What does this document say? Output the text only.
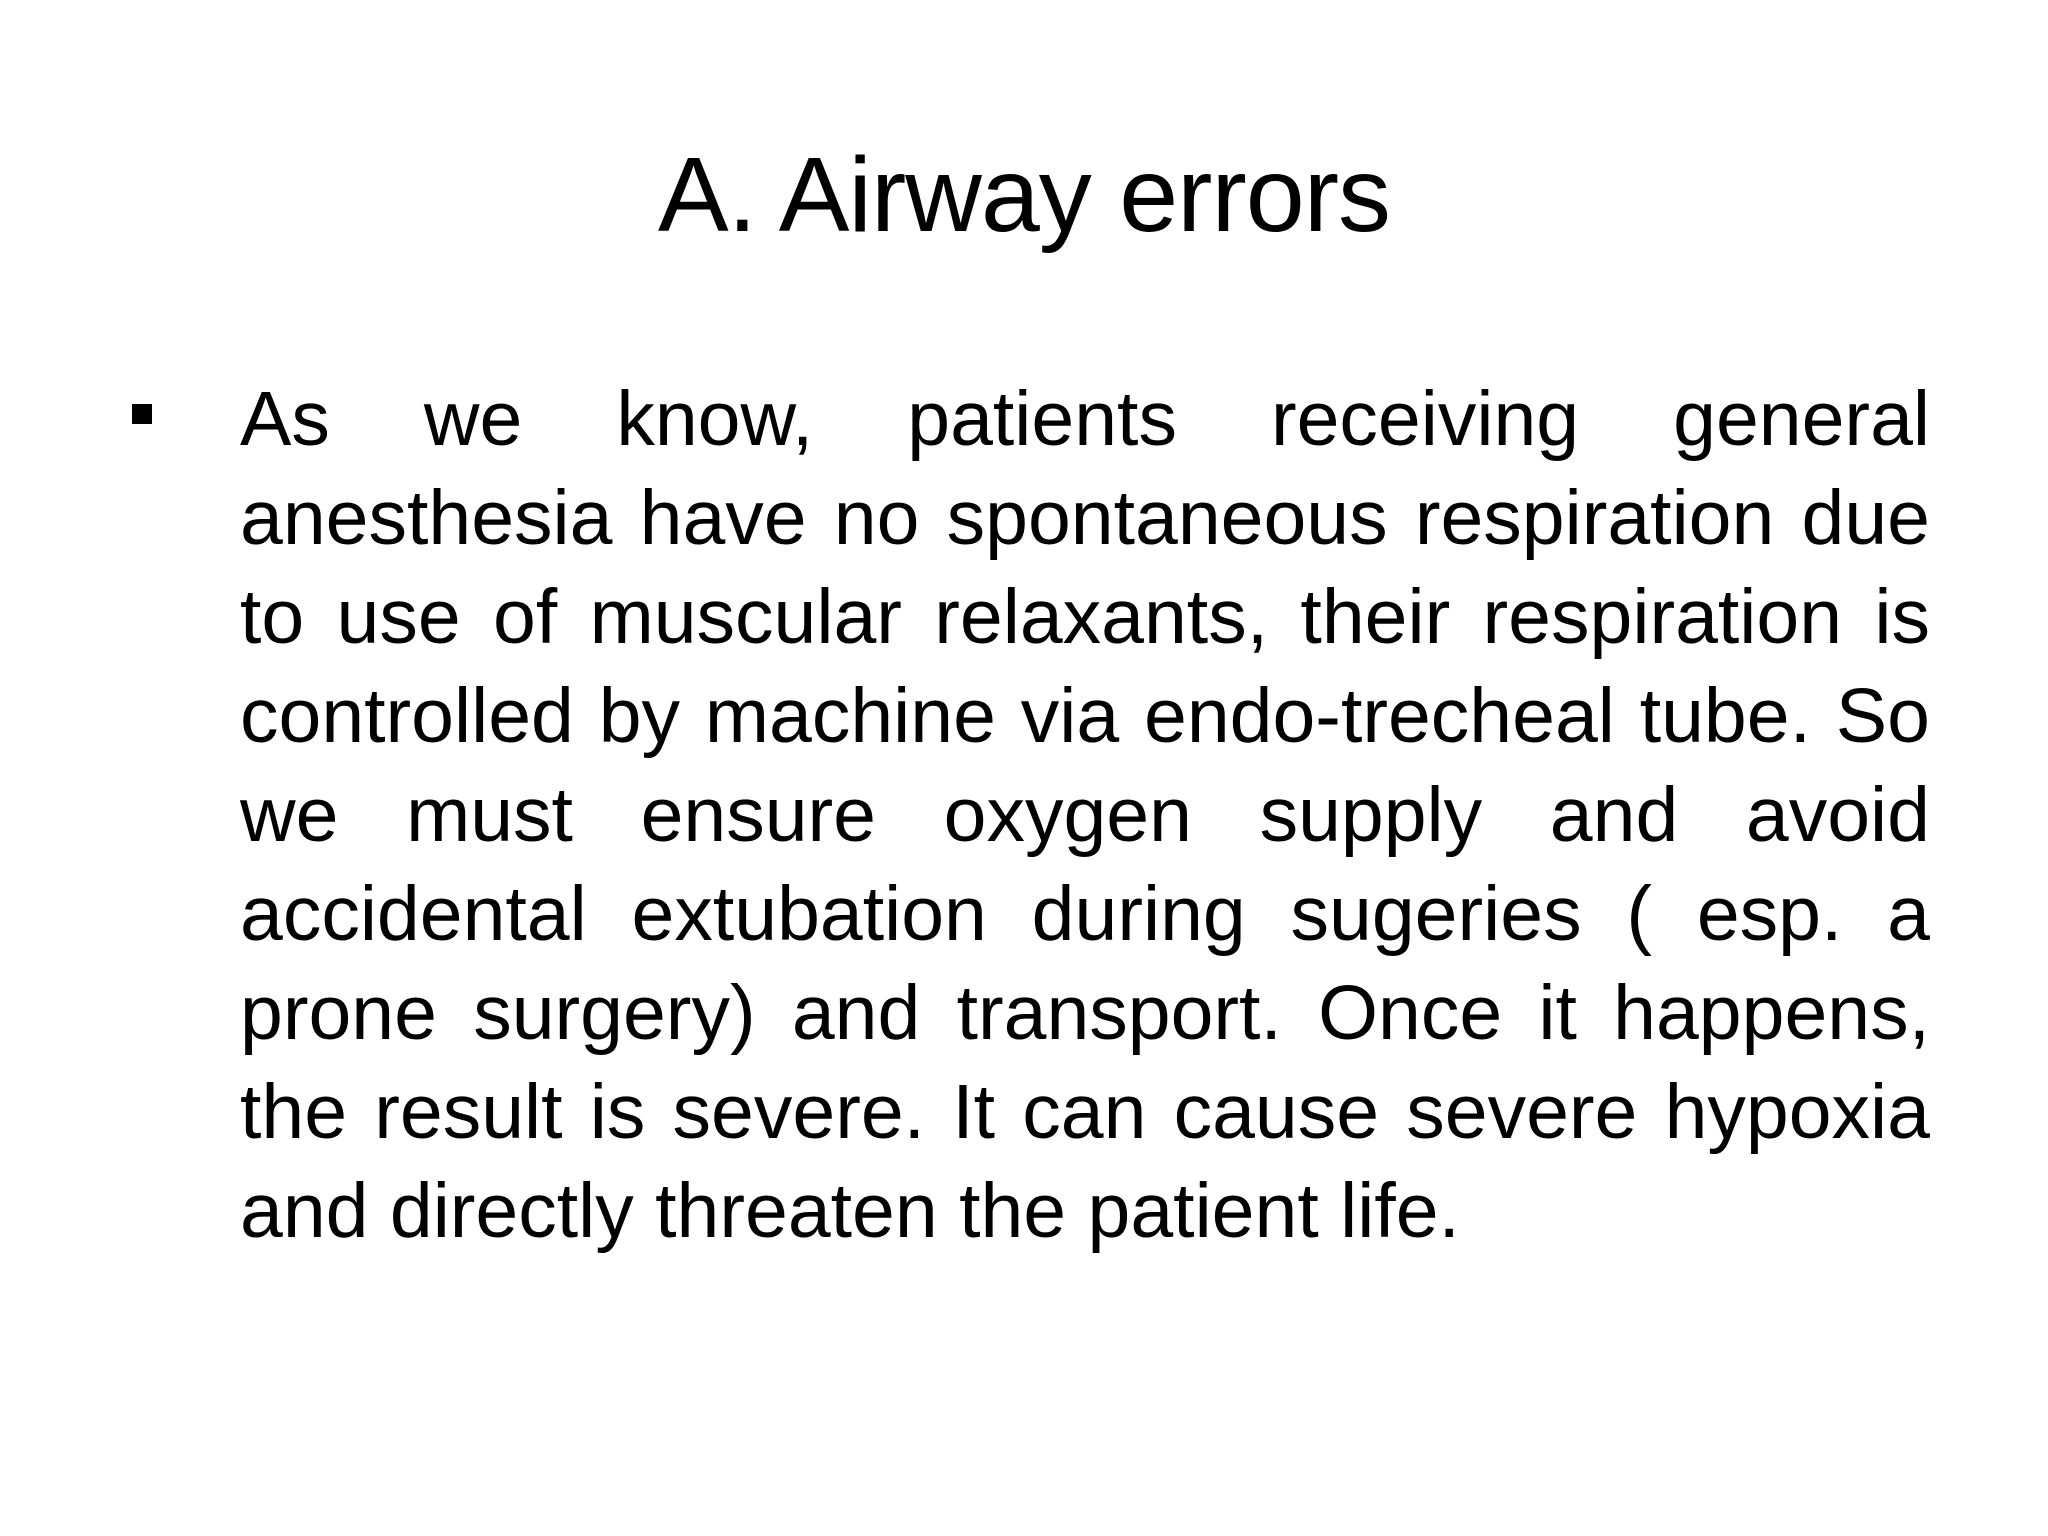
A. Airway errors

As we know, patients receiving general anesthesia have no spontaneous respiration due to use of muscular relaxants, their respiration is controlled by machine via endo-trecheal tube. So we must ensure oxygen supply and avoid accidental extubation during sugeries ( esp. a prone surgery) and transport. Once it happens, the result is severe. It can cause severe hypoxia and directly threaten the patient life.
